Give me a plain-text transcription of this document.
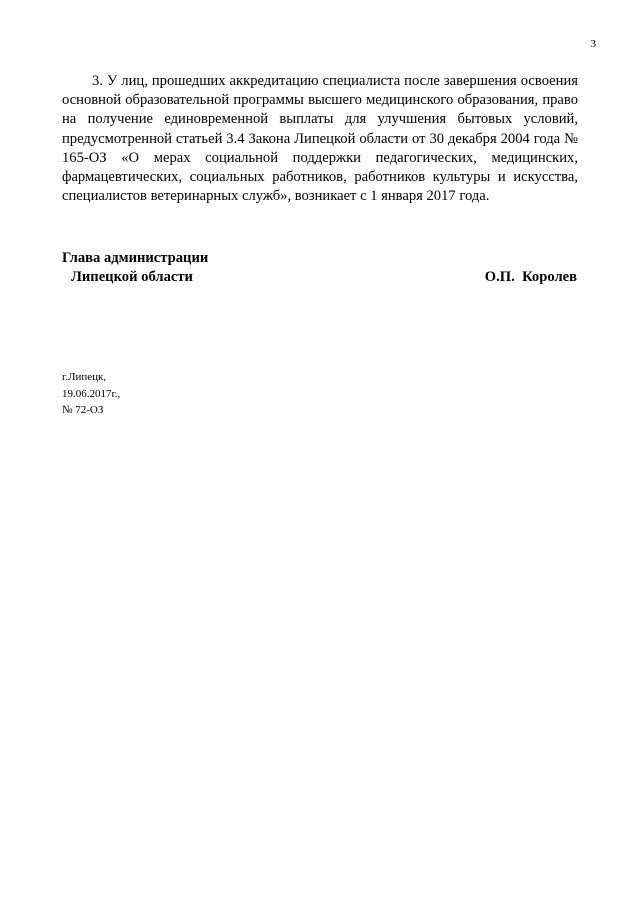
3

3. У лиц, прошедших аккредитацию специалиста после завершения освоения основной образовательной программы высшего медицинского образования, право на получение единовременной выплаты для улучшения бытовых условий, предусмотренной статьей 3.4 Закона Липецкой области от 30 декабря 2004 года № 165-ОЗ «О мерах социальной поддержки педагогических, медицинских, фармацевтических, социальных работников, работников культуры и искусства, специалистов ветеринарных служб», возникает с 1 января 2017 года.

Глава администрации
Липецкой области	О.П.  Королев
г.Липецк,
19.06.2017г.,
№ 72-ОЗ
